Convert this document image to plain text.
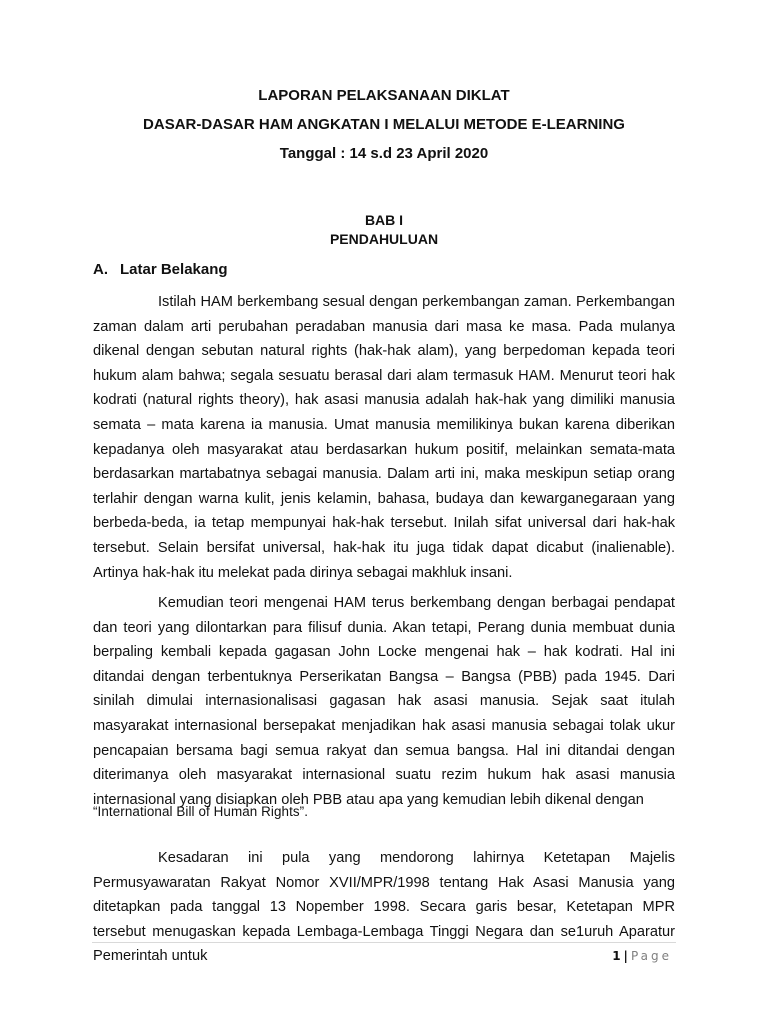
LAPORAN PELAKSANAAN DIKLAT
DASAR-DASAR HAM ANGKATAN I MELALUI METODE E-LEARNING
Tanggal : 14 s.d 23 April 2020
BAB I
PENDAHULUAN
A. Latar Belakang

Istilah HAM berkembang sesual dengan perkembangan zaman. Perkembangan zaman dalam arti perubahan peradaban manusia dari masa ke masa. Pada mulanya dikenal dengan sebutan natural rights (hak-hak alam), yang berpedoman kepada teori hukum alam bahwa; segala sesuatu berasal dari alam termasuk HAM. Menurut teori hak kodrati (natural rights theory), hak asasi manusia adalah hak-hak yang dimiliki manusia semata – mata karena ia manusia. Umat manusia memilikinya bukan karena diberikan kepadanya oleh masyarakat atau berdasarkan hukum positif, melainkan semata-mata berdasarkan martabatnya sebagai manusia. Dalam arti ini, maka meskipun setiap orang terlahir dengan warna kulit, jenis kelamin, bahasa, budaya dan kewarganegaraan yang berbeda-beda, ia tetap mempunyai hak-hak tersebut. Inilah sifat universal dari hak-hak tersebut. Selain bersifat universal, hak-hak itu juga tidak dapat dicabut (inalienable). Artinya hak-hak itu melekat pada dirinya sebagai makhluk insani.

Kemudian teori mengenai HAM terus berkembang dengan berbagai pendapat dan teori yang dilontarkan para filisuf dunia. Akan tetapi, Perang dunia membuat dunia berpaling kembali kepada gagasan John Locke mengenai hak – hak kodrati. Hal ini ditandai dengan terbentuknya Perserikatan Bangsa – Bangsa (PBB) pada 1945. Dari sinilah dimulai internasionalisasi gagasan hak asasi manusia. Sejak saat itulah masyarakat internasional bersepakat menjadikan hak asasi manusia sebagai tolak ukur pencapaian bersama bagi semua rakyat dan semua bangsa. Hal ini ditandai dengan diterimanya oleh masyarakat internasional suatu rezim hukum hak asasi manusia internasional yang disiapkan oleh PBB atau apa yang kemudian lebih dikenal dengan

“International Bill of Human Rights”.

Kesadaran ini pula yang mendorong lahirnya Ketetapan Majelis Permusyawaratan Rakyat Nomor XVII/MPR/1998 tentang Hak Asasi Manusia yang ditetapkan pada tanggal 13 Nopember 1998. Secara garis besar, Ketetapan MPR tersebut menugaskan kepada Lembaga-Lembaga Tinggi Negara dan se1uruh Aparatur Pemerintah untuk	1 | Page
